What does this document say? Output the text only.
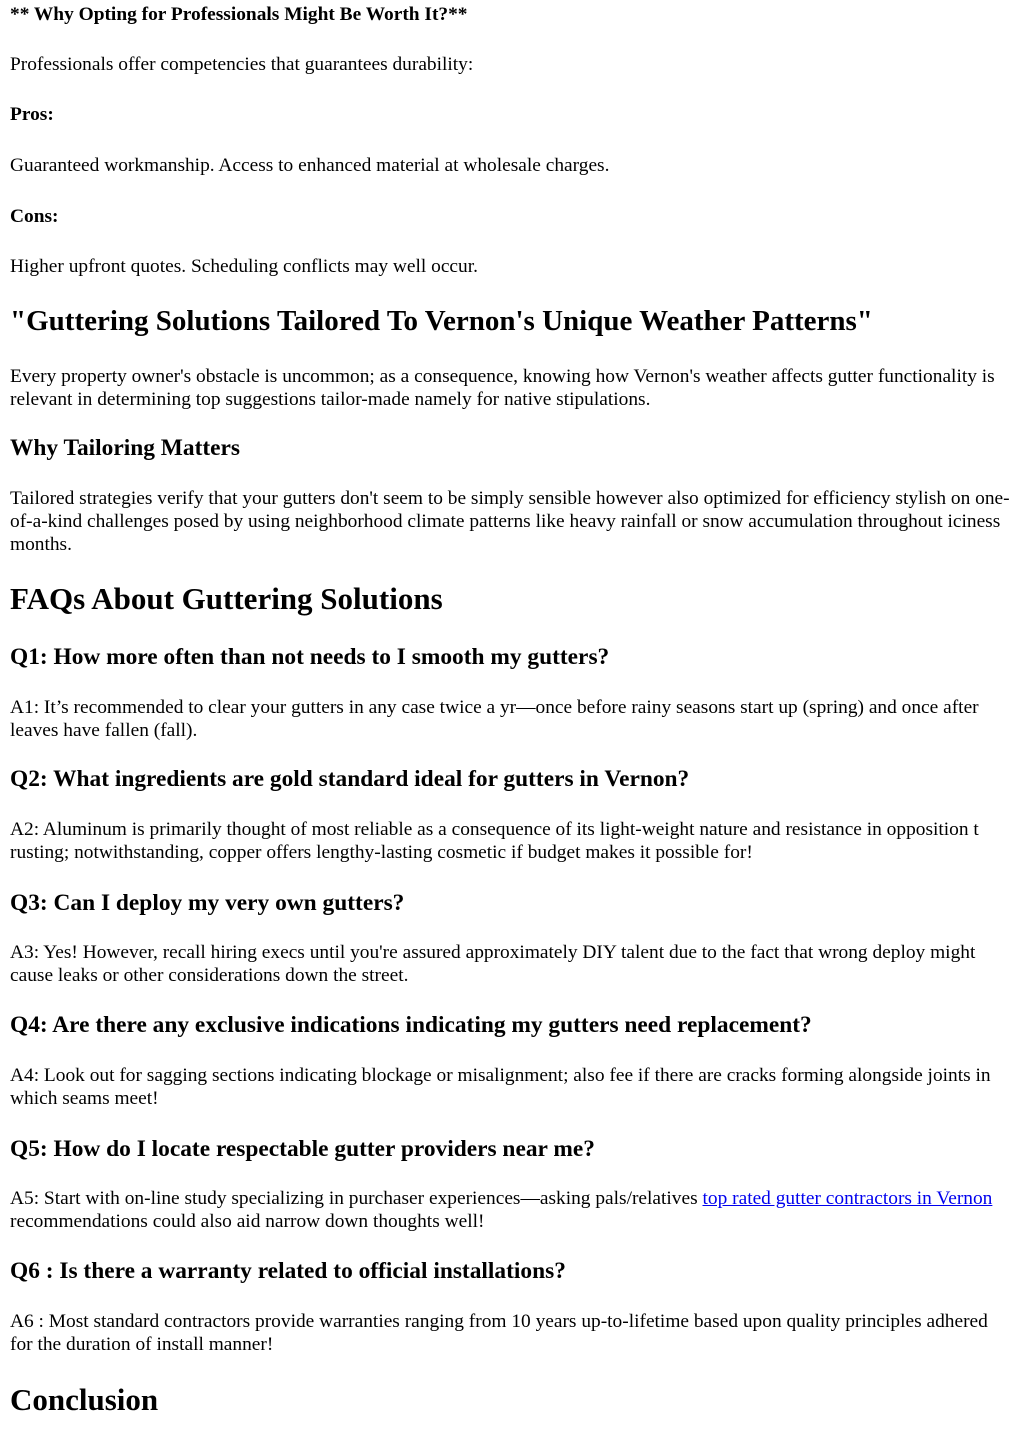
** Why Opting for Professionals Might Be Worth It?**

Professionals offer competencies that guarantees durability:

Pros:

Guaranteed workmanship. Access to enhanced material at wholesale charges.

Cons:

Higher upfront quotes. Scheduling conflicts may well occur.

"Guttering Solutions Tailored To Vernon's Unique Weather Patterns"

Every property owner's obstacle is uncommon; as a consequence, knowing how Vernon's weather affects gutter functionality is relevant in determining top suggestions tailor-made namely for native stipulations.

Why Tailoring Matters

Tailored strategies verify that your gutters don't seem to be simply sensible however also optimized for efficiency stylish on one-of-a-kind challenges posed by using neighborhood climate patterns like heavy rainfall or snow accumulation throughout iciness months.

FAQs About Guttering Solutions
Q1: How more often than not needs to I smooth my gutters?

A1: It’s recommended to clear your gutters in any case twice a yr—once before rainy seasons start up (spring) and once after leaves have fallen (fall).

Q2: What ingredients are gold standard ideal for gutters in Vernon?

A2: Aluminum is primarily thought of most reliable as a consequence of its light-weight nature and resistance in opposition t rusting; notwithstanding, copper offers lengthy-lasting cosmetic if budget makes it possible for!

Q3: Can I deploy my very own gutters?

A3: Yes! However, recall hiring execs until you're assured approximately DIY talent due to the fact that wrong deploy might cause leaks or other considerations down the street.

Q4: Are there any exclusive indications indicating my gutters need replacement?

A4: Look out for sagging sections indicating blockage or misalignment; also fee if there are cracks forming alongside joints in which seams meet!

Q5: How do I locate respectable gutter providers near me?

A5: Start with on-line study specializing in purchaser experiences—asking pals/relatives top rated gutter contractors in Vernon recommendations could also aid narrow down thoughts well!

Q6 : Is there a warranty related to official installations?

A6 : Most standard contractors provide warranties ranging from 10 years up-to-lifetime based upon quality principles adhered for the duration of install manner!

Conclusion
